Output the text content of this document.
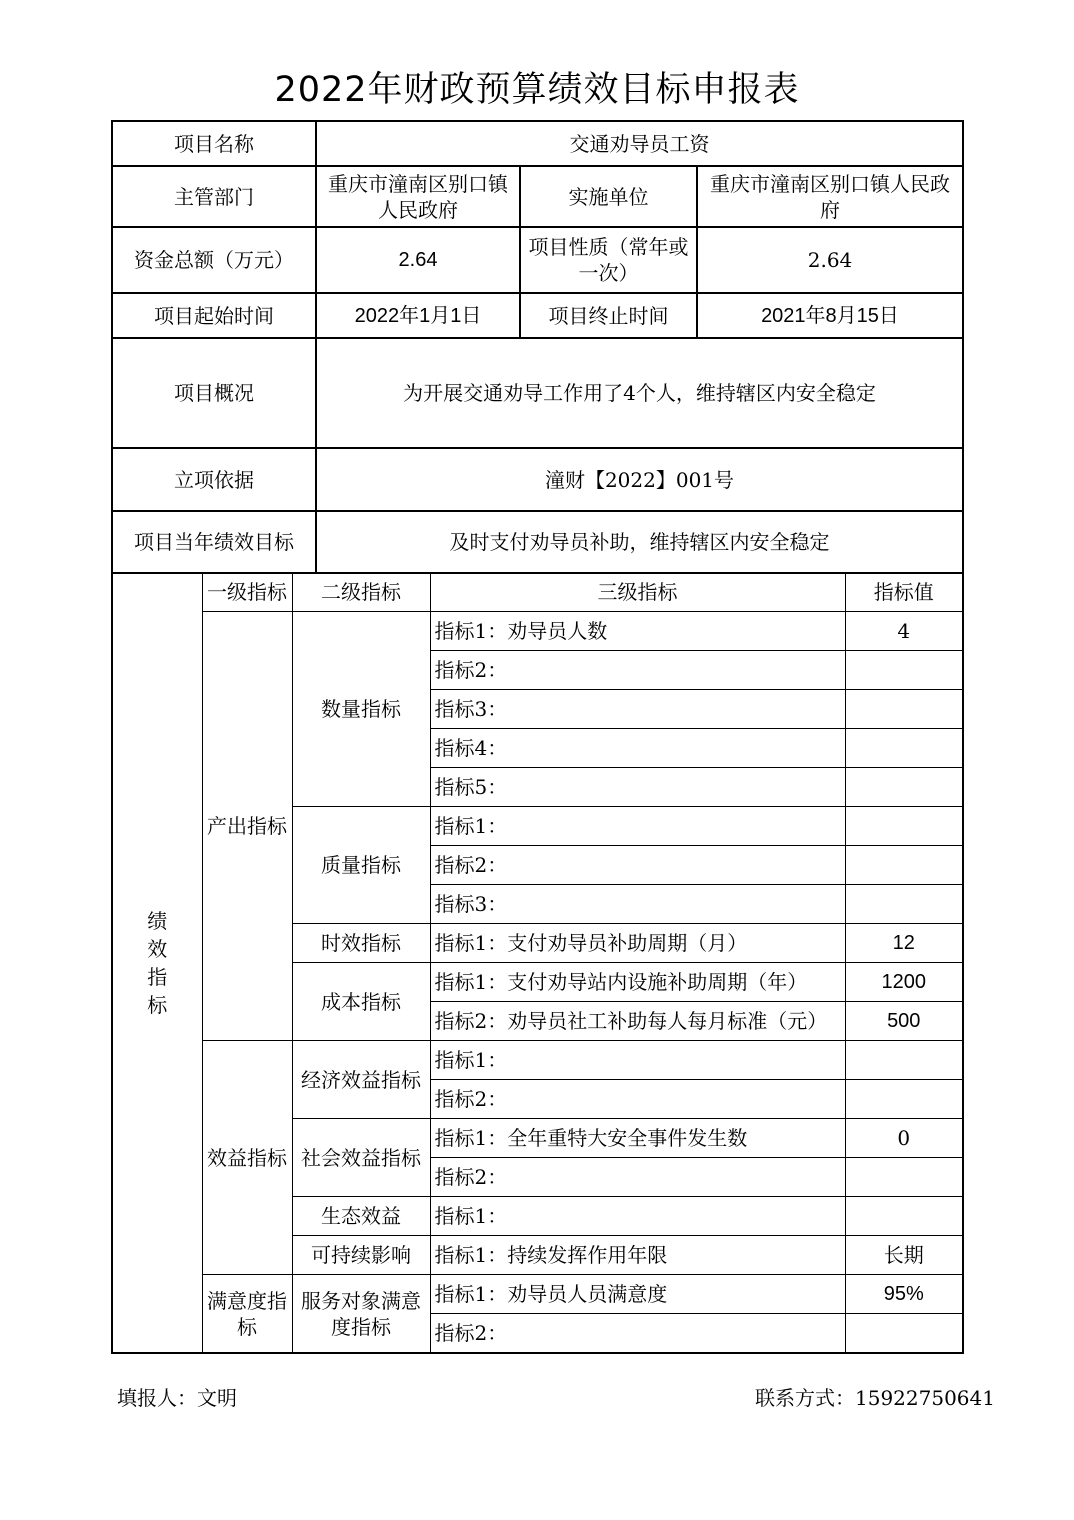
2022年财政预算绩效目标申报表
项目名称	交通劝导员工资		
主管部门	重庆市潼南区别口镇人民政府	实施单位	重庆市潼南区别口镇人民政府
资金总额（万元）	2.64	项目性质（常年或一次）	2.64
项目起始时间	2022年1月1日	项目终止时间	2021年8月15日
项目概况	为开展交通劝导工作用了4个人，维持辖区内安全稳定		
立项依据	潼财【2022】001号		
项目当年绩效目标	及时支付劝导员补助，维持辖区内安全稳定		
绩效指标	一级指标	二级指标	三级指标	指标值
	产出指标	数量指标	指标1：劝导员人数	4
			指标2：	
			指标3：	
			指标4：	
			指标5：	
		质量指标	指标1：	
			指标2：	
			指标3：	
		时效指标	指标1：支付劝导员补助周期（月）	12
		成本指标	指标1：支付劝导站内设施补助周期（年）	1200

			指标2：劝导员社工补助每人每月标准（元）	500
	效益指标	经济效益指标	指标1：	
			指标2：	
		社会效益指标	指标1：全年重特大安全事件发生数	0
			指标2：	
		生态效益	指标1：	
		可持续影响	指标1：持续发挥作用年限	长期
	满意度指标	服务对象满意度指标	指标1：劝导员人员满意度	95%
			指标2：	
填报人：文明	联系方式：15922750641
